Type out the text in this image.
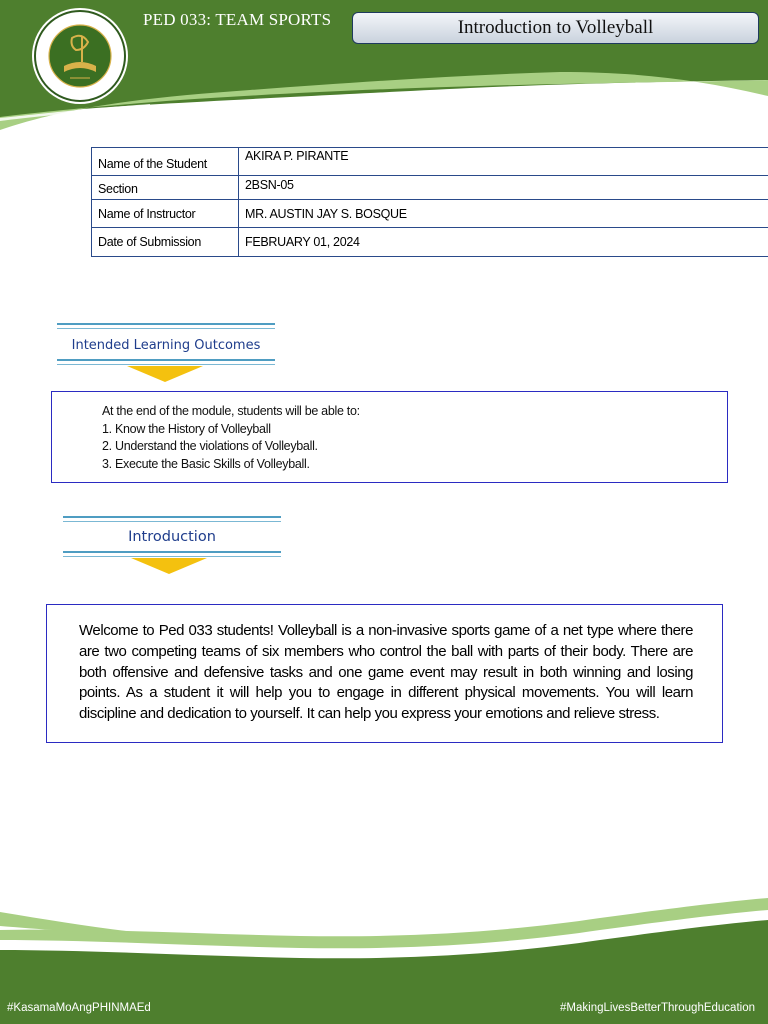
PED 033: TEAM SPORTS	Introduction to Volleyball
Name of the Student	AKIRA P. PIRANTE
Section	2BSN-05
Name of Instructor	MR. AUSTIN JAY S. BOSQUE
Date of Submission	FEBRUARY 01, 2024
Intended Learning Outcomes

At the end of the module, students will be able to:

1. Know the History of Volleyball

2. Understand the violations of Volleyball.

3. Execute the Basic Skills of Volleyball.

Introduction
Welcome to Ped 033 students! Volleyball is a non-invasive sports game of a net type where there are two competing teams of six members who control the ball with parts of their body. There are both offensive and defensive tasks and one game event may result in both winning and losing points. As a student it will help you to engage in different physical movements. You will learn discipline and dedication to yourself. It can help you express your emotions and relieve stress.
#KasamaMoAngPHINMAEd	#MakingLivesBetterThroughEducation
